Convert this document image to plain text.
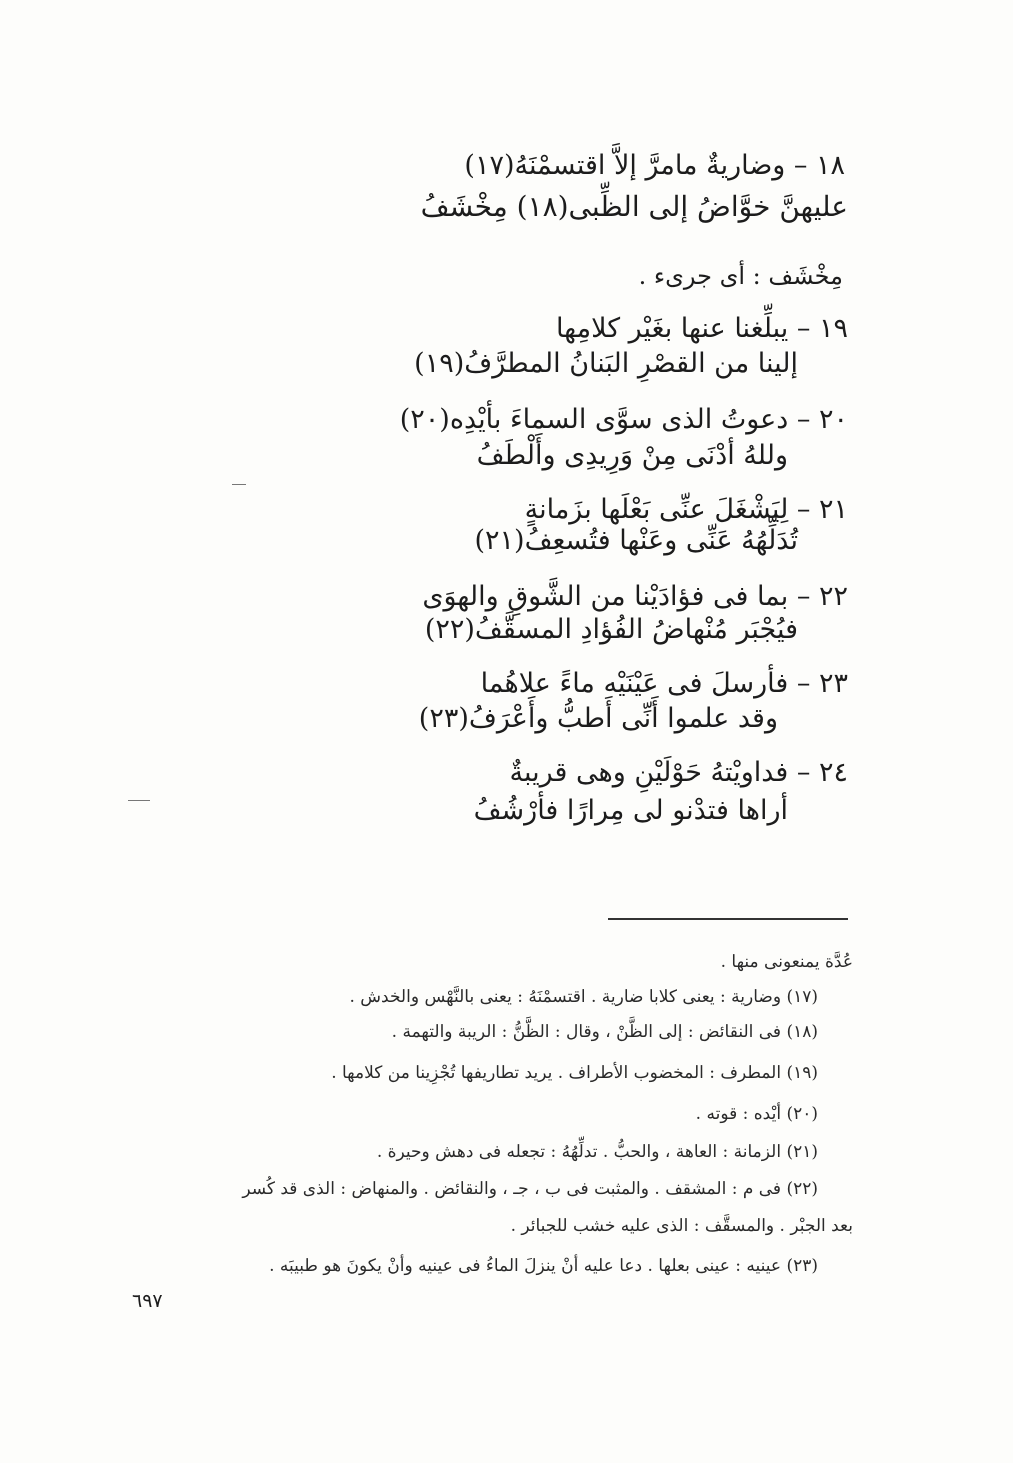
١٨ – وضاريةٌ مامرَّ إلاَّ اقتسمْنَهُ(١٧)
عليهنَّ خوَّاضُ إلى الظِّبى(١٨) مِخْشَفُ
مِخْشَف : أى جرىء .
١٩ – يبلِّغنا عنها بغَيْر كلامِها
إلينا من القصْرِ البَنانُ المطرَّفُ(١٩)
٢٠ – دعوتُ الذى سوَّى السماءَ بأيْدِه(٢٠)
وللهُ أدْنَى مِنْ وَرِيدِى وأَلْطَفُ
٢١ – لِيَشْغَلَ عنِّى بَعْلَها بزَمانةٍ
تُدَلِّهُهُ عَنِّى وعَنْها فتُسعِفُ(٢١)
٢٢ – بما فى فؤادَيْنا من الشَّوقِ والهوَى
فيُجْبَر مُنْهاضُ الفُؤادِ المسقَّفُ(٢٢)
٢٣ – فأرسلَ فى عَيْنَيْه ماءً علاهُما
وقد علموا أَنِّى أَطبُّ وأَعْرَفُ(٢٣)
٢٤ – فداويْتهُ حَوْلَيْنِ وهى قريبةٌ
أراها فتدْنو لى مِرارًا فأرْشُفُ
عُدَّة يمنعونى منها .
(١٧) وضارية : يعنى كلابا ضارية . اقتسمْنَهُ : يعنى بالنَّهْس والخدش .
(١٨) فى النقائض : إلى الظَّنْ ، وقال : الظَّنُّ : الريبة والتهمة .
(١٩) المطرف : المخضوب الأطراف . يريد تطاريفها تُجْزِينا من كلامها .
(٢٠) أيْده : قوته .
(٢١) الزمانة : العاهة ، والحبُّ . تدلِّهُهُ : تجعله فى دهش وحيرة .
(٢٢) فى م : المشقف . والمثبت فى ب ، جـ ، والنقائض . والمنهاض : الذى قد كُسر
بعد الجبْر . والمسقَّف : الذى عليه خشب للجبائر .
(٢٣) عينيه : عينى بعلها . دعا عليه أنْ ينزلَ الماءُ فى عينيه وأنْ يكونَ هو طبيبَه .
٦٩٧
